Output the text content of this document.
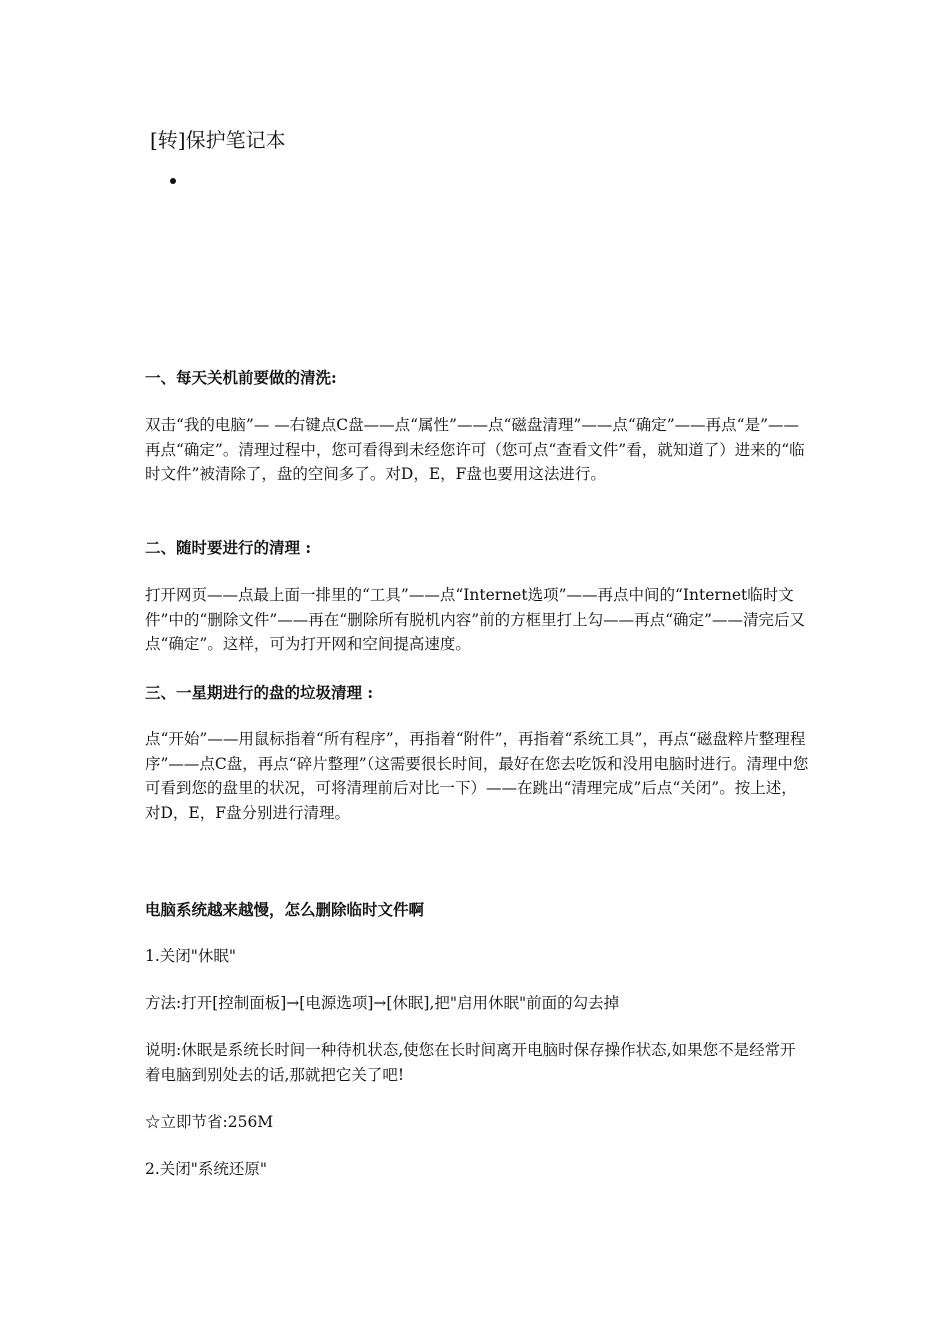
[转]保护笔记本

一、每天关机前要做的清洗:

双击“我的电脑”— —右键点C盘——点“属性”——点“磁盘清理”——点“确定”——再点“是”——再点“确定”。清理过程中，您可看得到未经您许可（您可点“查看文件”看，就知道了）进来的“临时文件”被清除了，盘的空间多了。对D，E，F盘也要用这法进行。

二、随时要进行的清理 :

打开网页——点最上面一排里的“工具”——点“Internet选项”——再点中间的“Internet临时文件”中的“删除文件”——再在“删除所有脱机内容”前的方框里打上勾——再点“确定”——清完后又点“确定”。这样，可为打开网和空间提高速度。

三、一星期进行的盘的垃圾清理 :

点“开始”——用鼠标指着“所有程序”，再指着“附件”，再指着“系统工具”，再点“磁盘粹片整理程序”——点C盘，再点“碎片整理”（这需要很长时间，最好在您去吃饭和没用电脑时进行。清理中您可看到您的盘里的状况，可将清理前后对比一下）——在跳出“清理完成”后点“关闭”。按上述，对D，E，F盘分别进行清理。

电脑系统越来越慢，怎么删除临时文件啊

1.关闭"休眠"

方法:打开[控制面板]→[电源选项]→[休眠],把"启用休眠"前面的勾去掉

说明:休眠是系统长时间一种待机状态,使您在长时间离开电脑时保存操作状态,如果您不是经常开着电脑到别处去的话,那就把它关了吧!

☆立即节省:256M

2.关闭"系统还原"
